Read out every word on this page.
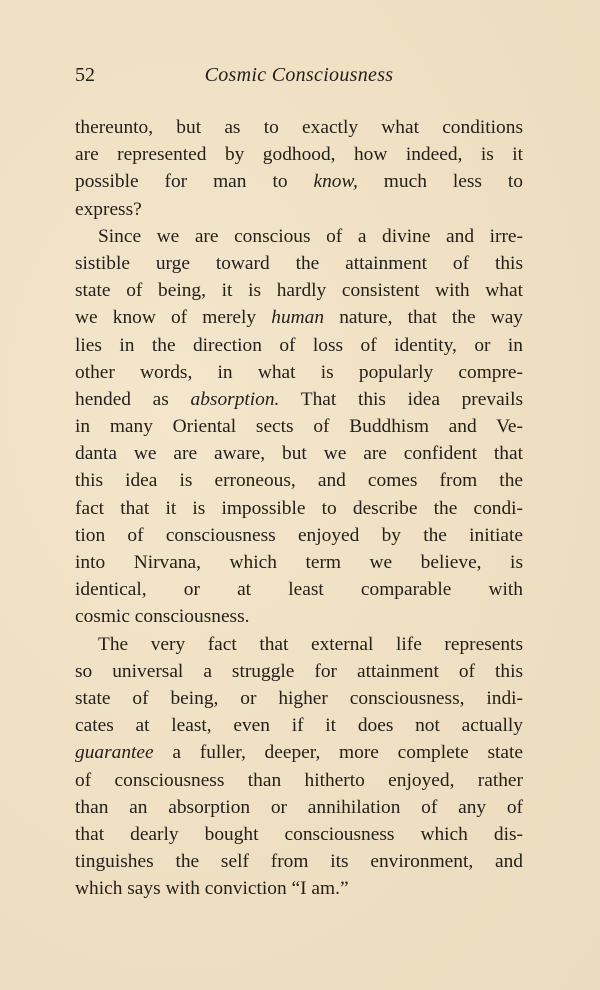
52	Cosmic Consciousness
thereunto, but as to exactly what conditions
are represented by godhood, how indeed, is it
possible for man to know, much less to
express?
Since we are conscious of a divine and irre-
sistible urge toward the attainment of this
state of being, it is hardly consistent with what
we know of merely human nature, that the way
lies in the direction of loss of identity, or in
other words, in what is popularly compre-
hended as absorption. That this idea prevails
in many Oriental sects of Buddhism and Ve-
danta we are aware, but we are confident that
this idea is erroneous, and comes from the
fact that it is impossible to describe the condi-
tion of consciousness enjoyed by the initiate
into Nirvana, which term we believe, is
identical, or at least comparable with
cosmic consciousness.
The very fact that external life represents
so universal a struggle for attainment of this
state of being, or higher consciousness, indi-
cates at least, even if it does not actually
guarantee a fuller, deeper, more complete state
of consciousness than hitherto enjoyed, rather
than an absorption or annihilation of any of
that dearly bought consciousness which dis-
tinguishes the self from its environment, and
which says with conviction “I am.”
